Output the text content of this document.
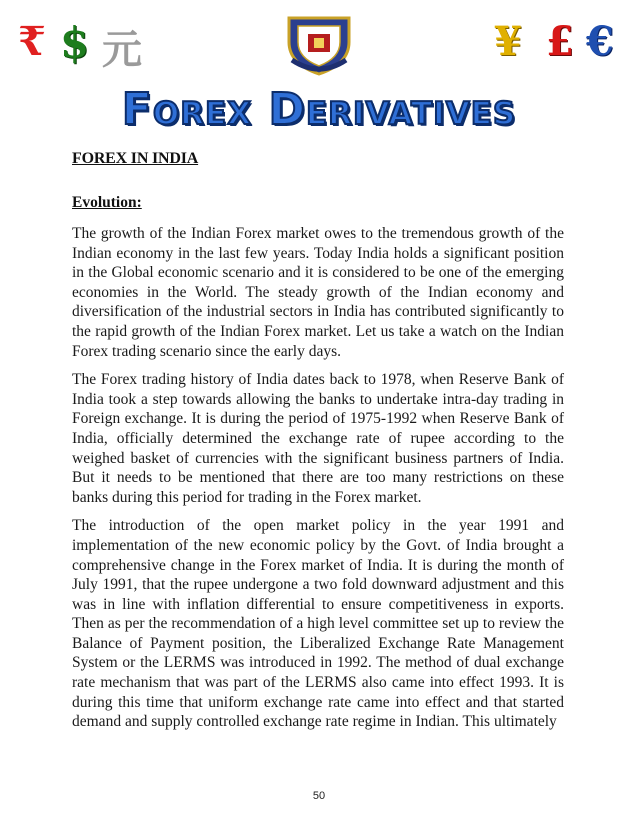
₹ $ 元	¥ £ €
Forex Derivatives
FOREX IN INDIA
Evolution:

The growth of the Indian Forex market owes to the tremendous growth of the Indian economy in the last few years. Today India holds a significant position in the Global economic scenario and it is considered to be one of the emerging economies in the World. The steady growth of the Indian economy and diversification of the industrial sectors in India has contributed significantly to the rapid growth of the Indian Forex market. Let us take a watch on the Indian Forex trading scenario since the early days.

The Forex trading history of India dates back to 1978, when Reserve Bank of India took a step towards allowing the banks to undertake intra-day trading in Foreign exchange. It is during the period of 1975-1992 when Reserve Bank of India, officially determined the exchange rate of rupee according to the weighed basket of currencies with the significant business partners of India. But it needs to be mentioned that there are too many restrictions on these banks during this period for trading in the Forex market.

The introduction of the open market policy in the year 1991 and implementation of the new economic policy by the Govt. of India brought a comprehensive change in the Forex market of India. It is during the month of July 1991, that the rupee undergone a two fold downward adjustment and this was in line with inflation differential to ensure competitiveness in exports. Then as per the recommendation of a high level committee set up to review the Balance of Payment position, the Liberalized Exchange Rate Management System or the LERMS was introduced in 1992. The method of dual exchange rate mechanism that was part of the LERMS also came into effect 1993. It is during this time that uniform exchange rate came into effect and that started demand and supply controlled exchange rate regime in Indian. This ultimately

50
